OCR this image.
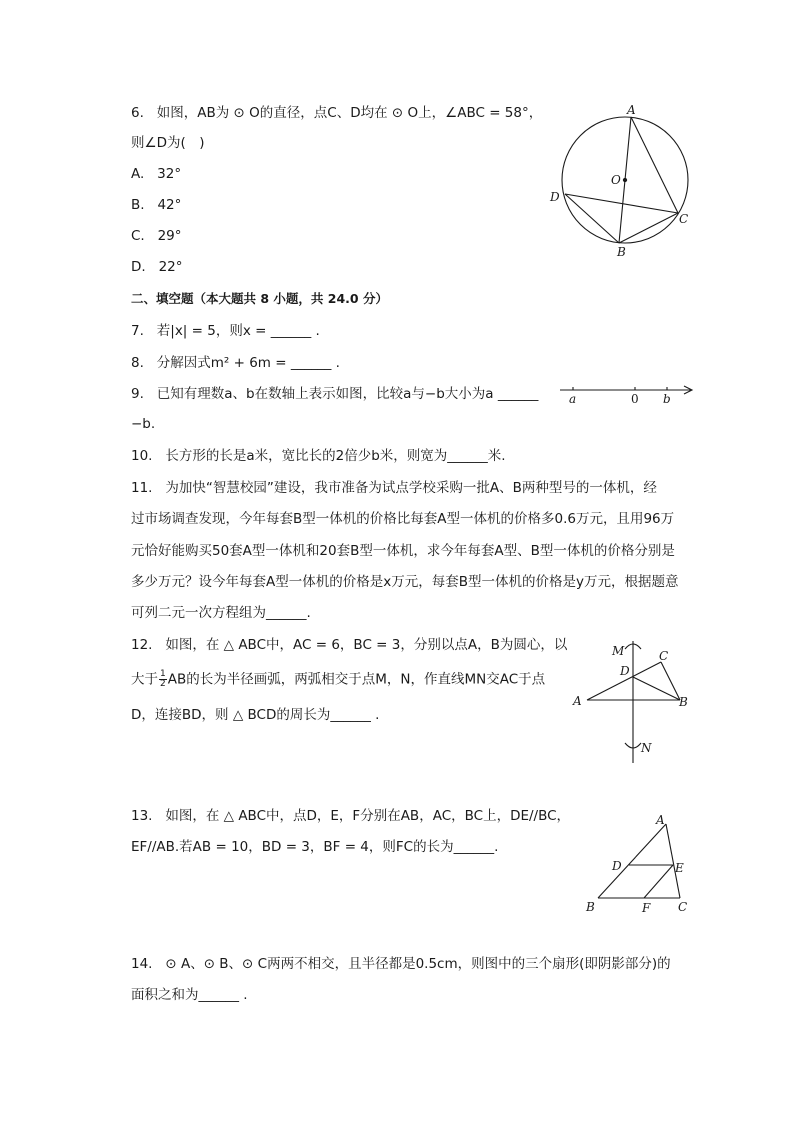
6. 如图，AB为 ⊙ O的直径，点C、D均在 ⊙ O上，∠ABC = 58°，
则∠D为(　)
A. 32°
B. 42°
C. 29°
D. 22°
A
O
D
C
B
二、填空题（本大题共 8 小题，共 24.0 分）
7. 若|x| = 5，则x = ______ .
8. 分解因式m² + 6m = ______ .
9. 已知有理数a、b在数轴上表示如图，比较a与−b大小为a ______
−b.
a	0 b
10. 长方形的长是a米，宽比长的2倍少b米，则宽为______米.
11. 为加快“智慧校园”建设，我市准备为试点学校采购一批A、B两种型号的一体机，经
过市场调查发现，今年每套B型一体机的价格比每套A型一体机的价格多0.6万元，且用96万
元恰好能购买50套A型一体机和20套B型一体机，求今年每套A型、B型一体机的价格分别是
多少万元？设今年每套A型一体机的价格是x万元，每套B型一体机的价格是y万元，根据题意
可列二元一次方程组为______.
12. 如图，在 △ ABC中，AC = 6，BC = 3，分别以点A，B为圆心，以
大于 $\frac{1}{2}$ AB的长为半径画弧，两弧相交于点M，N，作直线MN交AC于点
D，连接BD，则 △ BCD的周长为______ .
M
D
C
A	B
N
13. 如图，在 △ ABC中，点D，E，F分别在AB，AC，BC上，DE//BC，
EF//AB.若AB = 10，BD = 3，BF = 4，则FC的长为______.
A
D	E
B	F C
14. ⊙ A、⊙ B、⊙ C两两不相交，且半径都是0.5cm，则图中的三个扇形(即阴影部分)的
面积之和为______ .
